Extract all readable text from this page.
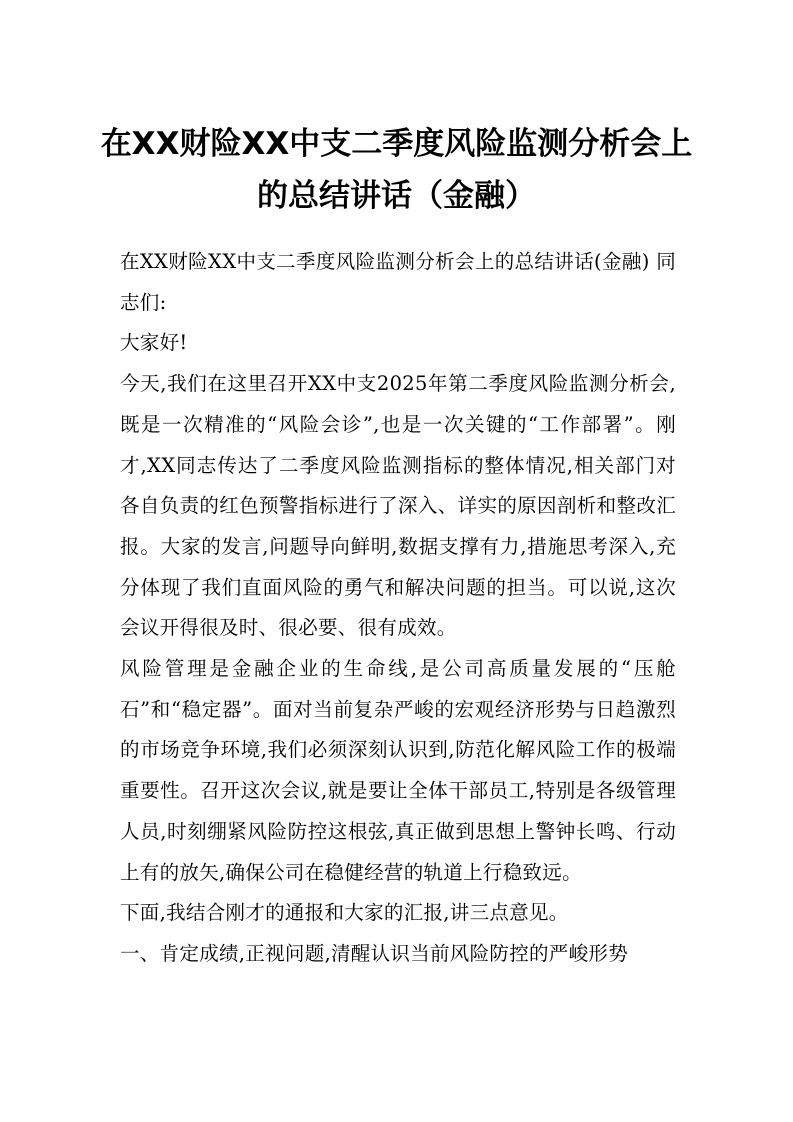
在XX财险XX中支二季度风险监测分析会上的总结讲话（金融）

在XX财险XX中支二季度风险监测分析会上的总结讲话(金融) 同志们:

大家好!

今天,我们在这里召开XX中支2025年第二季度风险监测分析会,既是一次精准的“风险会诊”,也是一次关键的“工作部署”。刚才,XX同志传达了二季度风险监测指标的整体情况,相关部门对各自负责的红色预警指标进行了深入、详实的原因剖析和整改汇报。大家的发言,问题导向鲜明,数据支撑有力,措施思考深入,充分体现了我们直面风险的勇气和解决问题的担当。可以说,这次会议开得很及时、很必要、很有成效。

风险管理是金融企业的生命线,是公司高质量发展的“压舱石”和“稳定器”。面对当前复杂严峻的宏观经济形势与日趋激烈的市场竞争环境,我们必须深刻认识到,防范化解风险工作的极端重要性。召开这次会议,就是要让全体干部员工,特别是各级管理人员,时刻绷紧风险防控这根弦,真正做到思想上警钟长鸣、行动上有的放矢,确保公司在稳健经营的轨道上行稳致远。

下面,我结合刚才的通报和大家的汇报,讲三点意见。

一、肯定成绩,正视问题,清醒认识当前风险防控的严峻形势
